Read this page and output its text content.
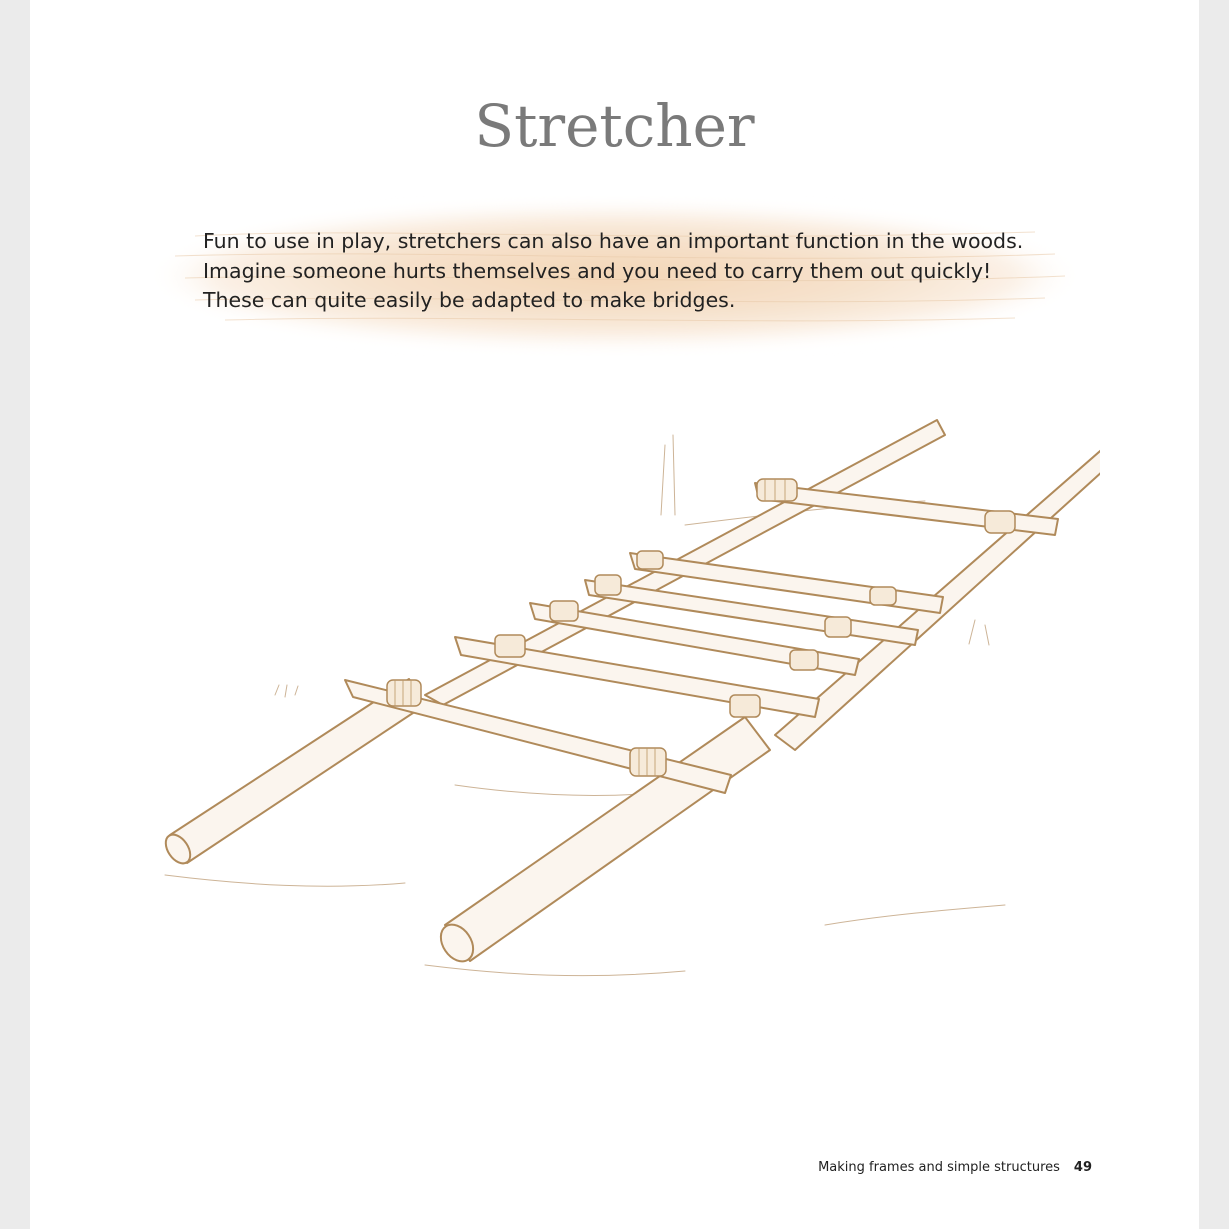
Stretcher
Fun to use in play, stretchers can also have an important function in the woods.
Imagine someone hurts themselves and you need to carry them out quickly!
These can quite easily be adapted to make bridges.
Making frames and simple structures 49
